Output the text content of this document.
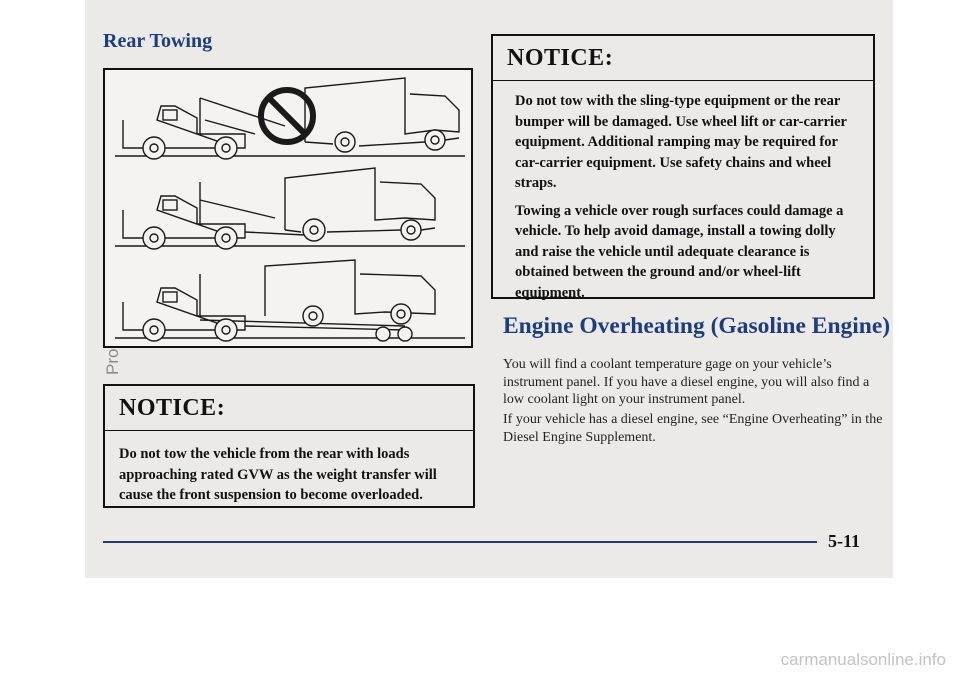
Rear Towing
NOTICE:

Do not tow the vehicle from the rear with loads approaching rated GVW as the weight transfer will cause the front suspension to become overloaded.

NOTICE:

Do not tow with the sling-type equipment or the rear bumper will be damaged. Use wheel lift or car-carrier equipment. Additional ramping may be required for car-carrier equipment. Use safety chains and wheel straps.

Towing a vehicle over rough surfaces could damage a vehicle. To help avoid damage, install a towing dolly and raise the vehicle until adequate clearance is obtained between the ground and/or wheel-lift equipment.

Engine Overheating (Gasoline Engine)

You will find a coolant temperature gage on your vehicle’s instrument panel. If you have a diesel engine, you will also find a low coolant light on your instrument panel.

If your vehicle has a diesel engine, see “Engine Overheating” in the Diesel Engine Supplement.

5-11
carmanualsonline.info
